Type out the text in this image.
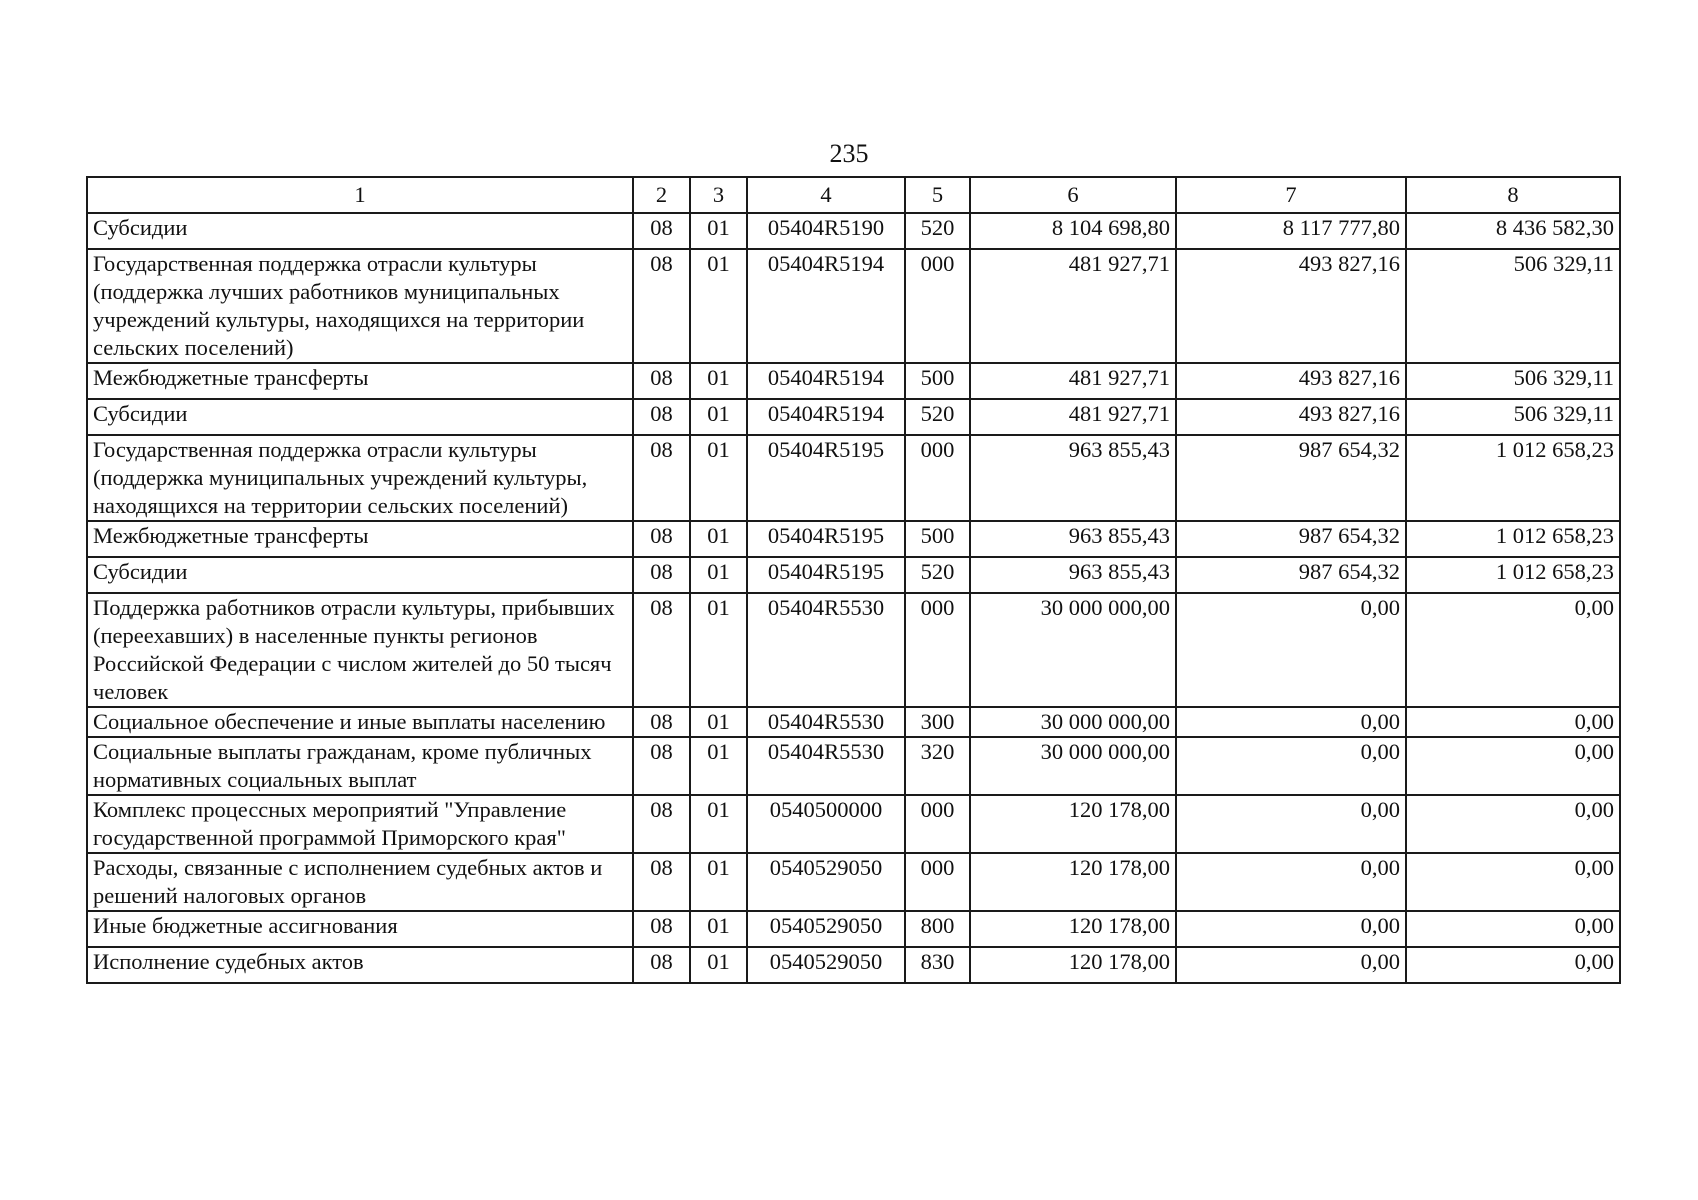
235
1	2	3	4	5	6	7	8
Субсидии	08	01	05404R5190	520	8 104 698,80	8 117 777,80	8 436 582,30
Государственная поддержка отрасли культуры (поддержка лучших работников муниципальных учреждений культуры, находящихся на территории сельских поселений)	08	01	05404R5194	000	481 927,71	493 827,16	506 329,11
Межбюджетные трансферты	08	01	05404R5194	500	481 927,71	493 827,16	506 329,11
Субсидии	08	01	05404R5194	520	481 927,71	493 827,16	506 329,11
Государственная поддержка отрасли культуры (поддержка муниципальных учреждений культуры, находящихся на территории сельских поселений)	08	01	05404R5195	000	963 855,43	987 654,32	1 012 658,23
Межбюджетные трансферты	08	01	05404R5195	500	963 855,43	987 654,32	1 012 658,23
Субсидии	08	01	05404R5195	520	963 855,43	987 654,32	1 012 658,23
Поддержка работников отрасли культуры, прибывших (переехавших) в населенные пункты регионов Российской Федерации с числом жителей до 50 тысяч человек	08	01	05404R5530	000	30 000 000,00	0,00	0,00
Социальное обеспечение и иные выплаты населению	08	01	05404R5530	300	30 000 000,00	0,00	0,00
Социальные выплаты гражданам, кроме публичных нормативных социальных выплат	08	01	05404R5530	320	30 000 000,00	0,00	0,00
Комплекс процессных мероприятий "Управление государственной программой Приморского края"	08	01	0540500000	000	120 178,00	0,00	0,00
Расходы, связанные с исполнением судебных актов и решений налоговых органов	08	01	0540529050	000	120 178,00	0,00	0,00
Иные бюджетные ассигнования	08	01	0540529050	800	120 178,00	0,00	0,00
Исполнение судебных актов	08	01	0540529050	830	120 178,00	0,00	0,00
